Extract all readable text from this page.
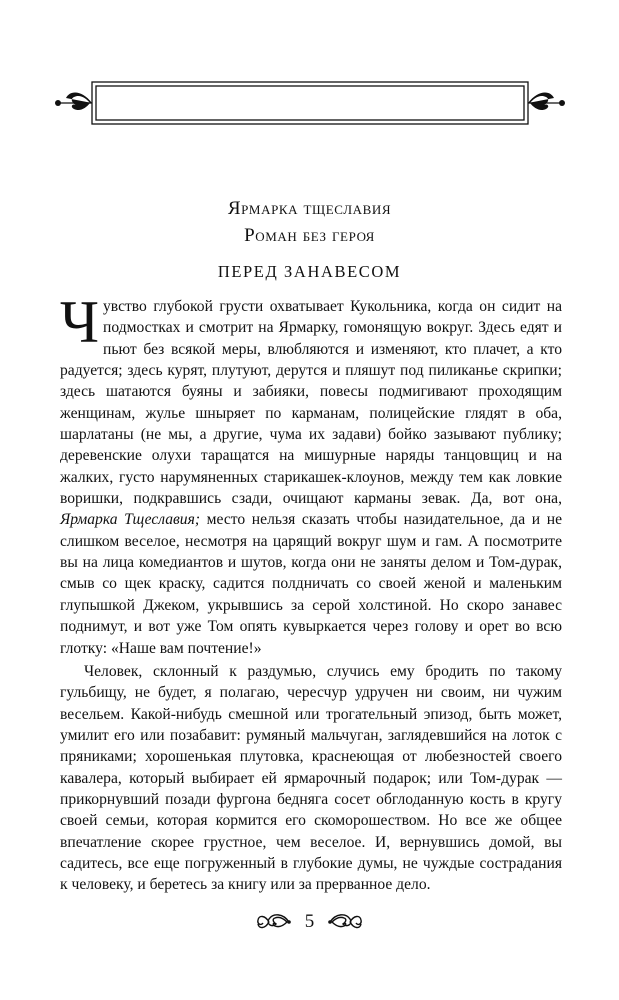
Ярмарка тщеславия
Роман без героя
ПЕРЕД ЗАНАВЕСОМ

Чувство глубокой грусти охватывает Кукольника, когда он сидит на подмостках и смотрит на Ярмарку, гомонящую вокруг. Здесь едят и пьют без всякой меры, влюбляются и изменяют, кто плачет, а кто радуется; здесь курят, плутуют, дерутся и пляшут под пиликанье скрипки; здесь шатаются буяны и забияки, повесы подмигивают проходящим женщинам, жулье шныряет по карманам, полицейские глядят в оба, шарлатаны (не мы, а другие, чума их задави) бойко зазывают публику; деревенские олухи таращатся на мишурные наряды танцовщиц и на жалких, густо нарумяненных старикашек-клоунов, между тем как ловкие воришки, подкравшись сзади, очищают карманы зевак. Да, вот она, Ярмарка Тщеславия; место нельзя сказать чтобы назидательное, да и не слишком веселое, несмотря на царящий вокруг шум и гам. А посмотрите вы на лица комедиантов и шутов, когда они не заняты делом и Том-дурак, смыв со щек краску, садится полдничать со своей женой и маленьким глупышкой Джеком, укрывшись за серой холстиной. Но скоро занавес поднимут, и вот уже Том опять кувыркается через голову и орет во всю глотку: «Наше вам почтение!»

Человек, склонный к раздумью, случись ему бродить по такому гульбищу, не будет, я полагаю, чересчур удручен ни своим, ни чужим весельем. Какой-нибудь смешной или трогательный эпизод, быть может, умилит его или позабавит: румяный мальчуган, заглядевшийся на лоток с пряниками; хорошенькая плутовка, краснеющая от любезностей своего кавалера, который выбирает ей ярмарочный подарок; или Том-дурак — прикорнувший позади фургона бедняга сосет обглоданную кость в кругу своей семьи, которая кормится его скоморошеством. Но все же общее впечатление скорее грустное, чем веселое. И, вернувшись домой, вы садитесь, все еще погруженный в глубокие думы, не чуждые сострадания к человеку, и беретесь за книгу или за прерванное дело.

5
